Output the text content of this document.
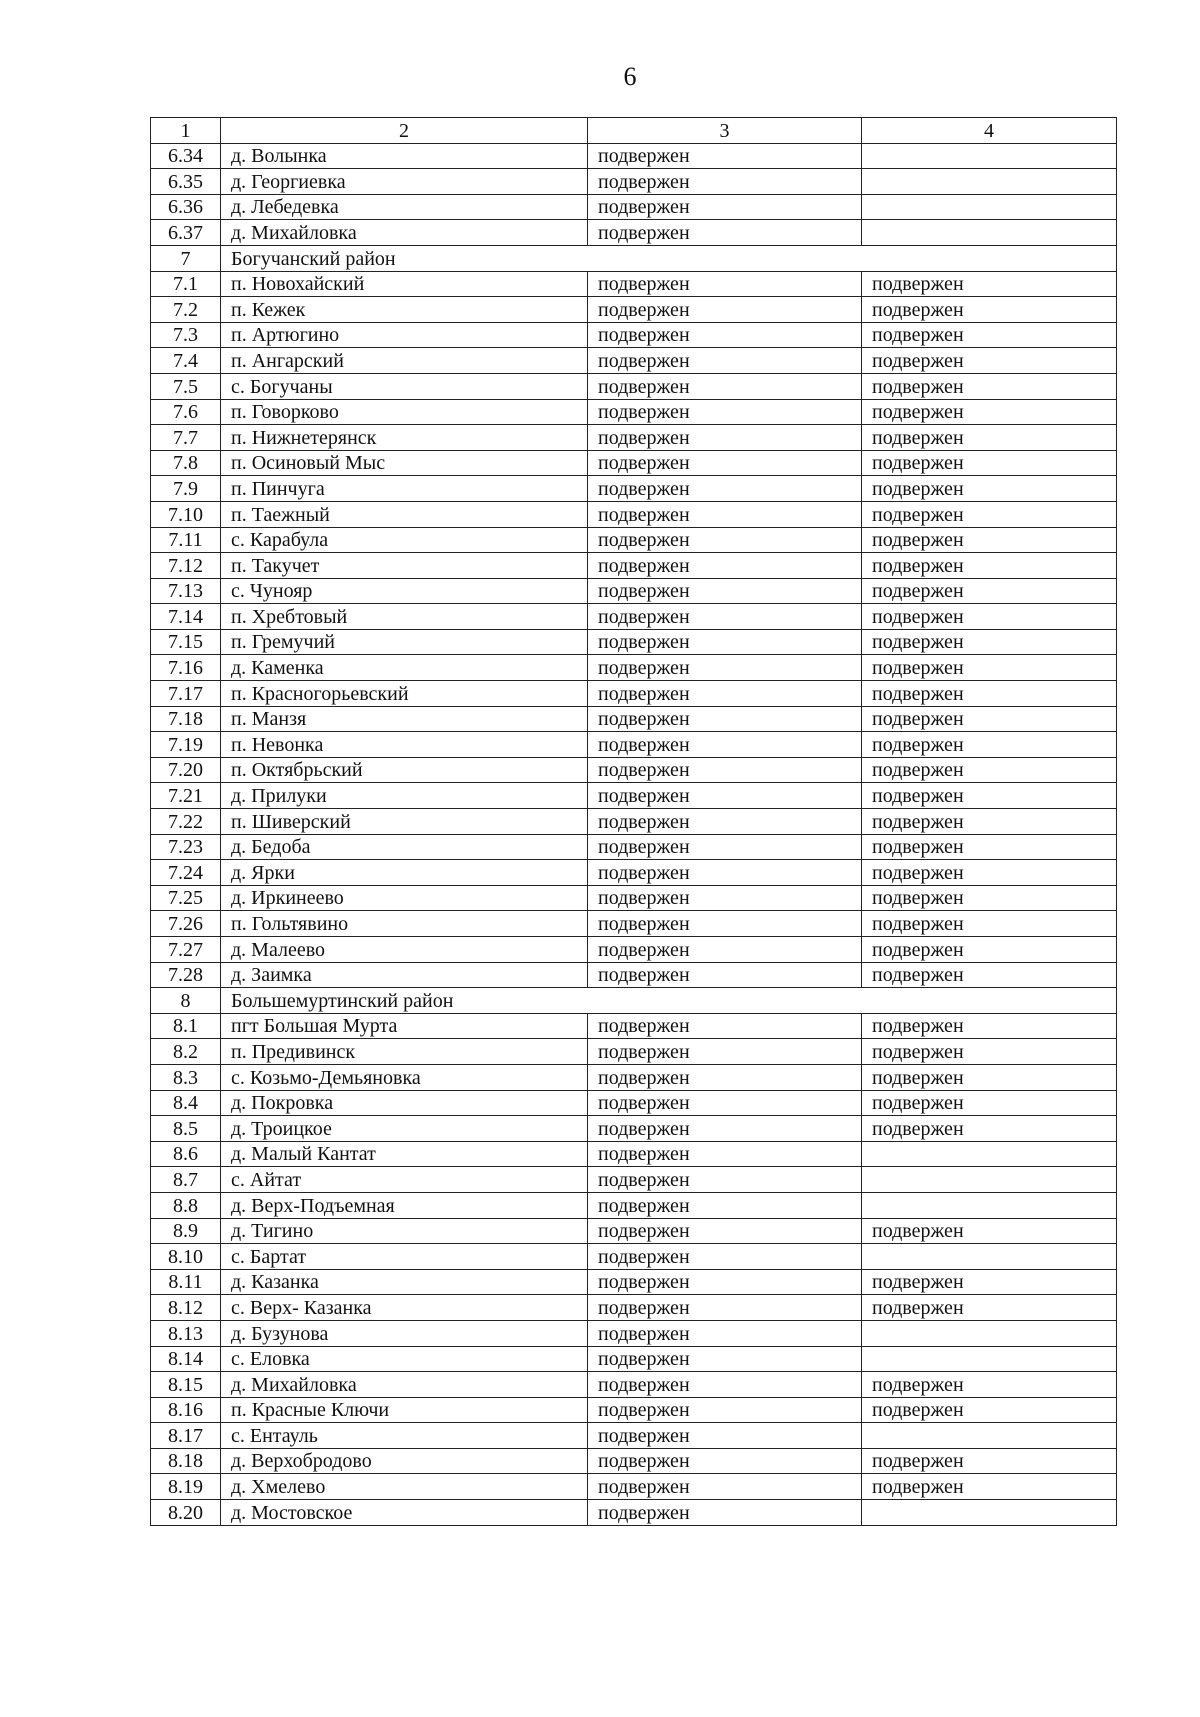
6
1	2	3	4
6.34	д. Волынка	подвержен	
6.35	д. Георгиевка	подвержен	
6.36	д. Лебедевка	подвержен	
6.37	д. Михайловка	подвержен	
7	Богучанский район		
7.1	п. Новохайский	подвержен	подвержен
7.2	п. Кежек	подвержен	подвержен
7.3	п. Артюгино	подвержен	подвержен
7.4	п. Ангарский	подвержен	подвержен
7.5	с. Богучаны	подвержен	подвержен
7.6	п. Говорково	подвержен	подвержен
7.7	п. Нижнетерянск	подвержен	подвержен
7.8	п. Осиновый Мыс	подвержен	подвержен
7.9	п. Пинчуга	подвержен	подвержен
7.10	п. Таежный	подвержен	подвержен
7.11	с. Карабула	подвержен	подвержен
7.12	п. Такучет	подвержен	подвержен
7.13	с. Чунояр	подвержен	подвержен
7.14	п. Хребтовый	подвержен	подвержен
7.15	п. Гремучий	подвержен	подвержен
7.16	д. Каменка	подвержен	подвержен
7.17	п. Красногорьевский	подвержен	подвержен
7.18	п. Манзя	подвержен	подвержен
7.19	п. Невонка	подвержен	подвержен
7.20	п. Октябрьский	подвержен	подвержен
7.21	д. Прилуки	подвержен	подвержен
7.22	п. Шиверский	подвержен	подвержен
7.23	д. Бедоба	подвержен	подвержен
7.24	д. Ярки	подвержен	подвержен
7.25	д. Иркинеево	подвержен	подвержен
7.26	п. Гольтявино	подвержен	подвержен
7.27	д. Малеево	подвержен	подвержен
7.28	д. Заимка	подвержен	подвержен
8	Большемуртинский район		
8.1	пгт Большая Мурта	подвержен	подвержен
8.2	п. Предивинск	подвержен	подвержен
8.3	с. Козьмо-Демьяновка	подвержен	подвержен
8.4	д. Покровка	подвержен	подвержен
8.5	д. Троицкое	подвержен	подвержен
8.6	д. Малый Кантат	подвержен	
8.7	с. Айтат	подвержен	
8.8	д. Верх-Подъемная	подвержен	
8.9	д. Тигино	подвержен	подвержен
8.10	с. Бартат	подвержен	
8.11	д. Казанка	подвержен	подвержен
8.12	с. Верх- Казанка	подвержен	подвержен
8.13	д. Бузунова	подвержен	
8.14	с. Еловка	подвержен	
8.15	д. Михайловка	подвержен	подвержен
8.16	п. Красные Ключи	подвержен	подвержен
8.17	с. Ентауль	подвержен	
8.18	д. Верхобродово	подвержен	подвержен
8.19	д. Хмелево	подвержен	подвержен
8.20	д. Мостовское	подвержен	
